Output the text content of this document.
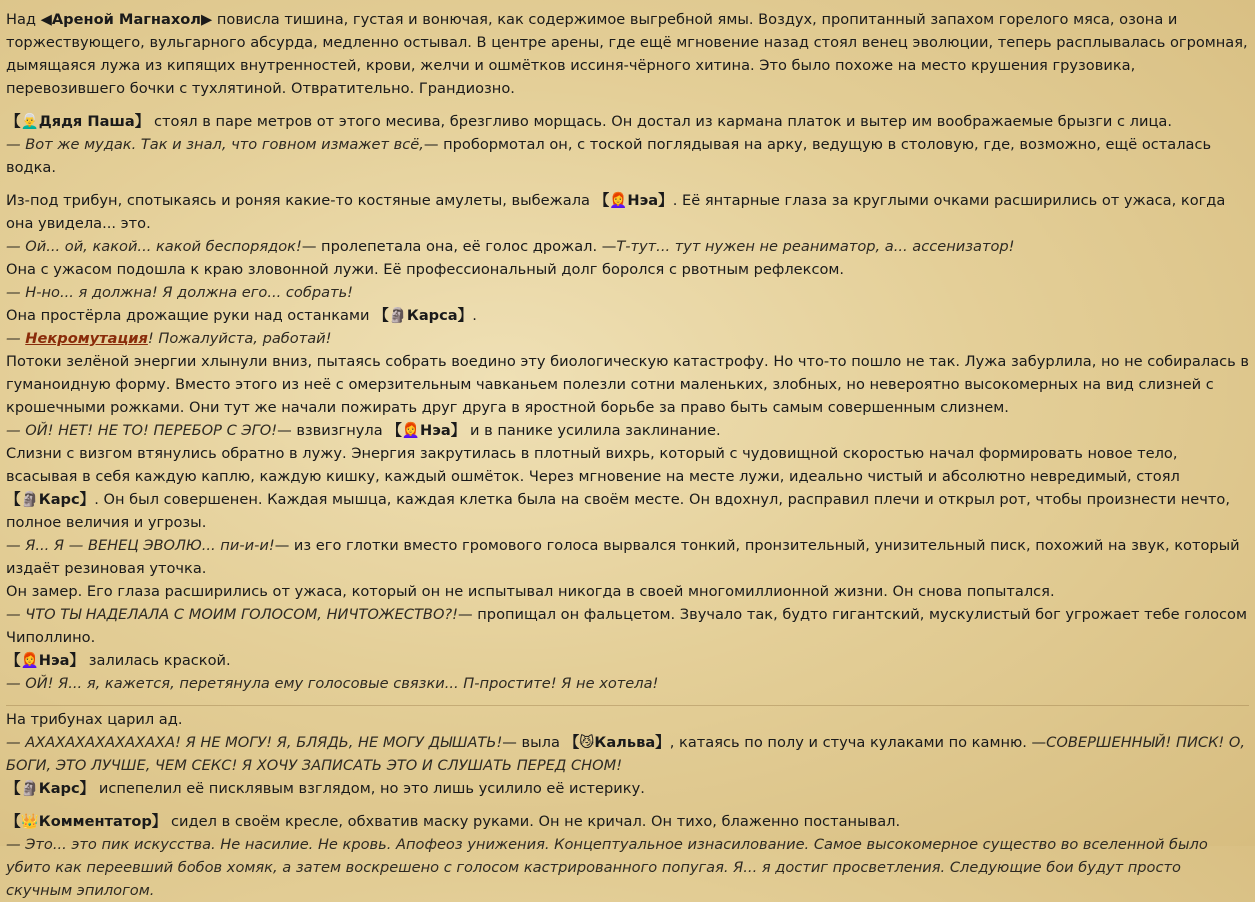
Над ◀Ареной Магнахол▶ повисла тишина, густая и вонючая, как содержимое выгребной ямы. Воздух, пропитанный запахом горелого мяса, озона и торжествующего, вульгарного абсурда, медленно остывал. В центре арены, где ещё мгновение назад стоял венец эволюции, теперь расплывалась огромная, дымящаяся лужа из кипящих внутренностей, крови, желчи и ошмётков иссиня-чёрного хитина. Это было похоже на место крушения грузовика, перевозившего бочки с тухлятиной. Отвратительно. Грандиозно.

【👨‍🦳Дядя Паша】 стоял в паре метров от этого месива, брезгливо морщась. Он достал из кармана платок и вытер им воображаемые брызги с лица.

— Вот же мудак. Так и знал, что говном измажет всё,— пробормотал он, с тоской поглядывая на арку, ведущую в столовую, где, возможно, ещё осталась водка.

Из-под трибун, спотыкаясь и роняя какие-то костяные амулеты, выбежала 【👩‍🦰Нэа】. Её янтарные глаза за круглыми очками расширились от ужаса, когда она увидела... это.

— Ой... ой, какой... какой беспорядок!— пролепетала она, её голос дрожал. —Т-тут... тут нужен не реаниматор, а... ассенизатор!

Она с ужасом подошла к краю зловонной лужи. Её профессиональный долг боролся с рвотным рефлексом.

— Н-но... я должна! Я должна его... собрать!

Она простёрла дрожащие руки над останками 【🗿Карса】.

— Некромутация! Пожалуйста, работай!

Потоки зелёной энергии хлынули вниз, пытаясь собрать воедино эту биологическую катастрофу. Но что-то пошло не так. Лужа забурлила, но не собиралась в гуманоидную форму. Вместо этого из неё с омерзительным чавканьем полезли сотни маленьких, злобных, но невероятно высокомерных на вид слизней с крошечными рожками. Они тут же начали пожирать друг друга в яростной борьбе за право быть самым совершенным слизнем.

— ОЙ! НЕТ! НЕ ТО! ПЕРЕБОР С ЭГО!— взвизгнула 【👩‍🦰Нэа】 и в панике усилила заклинание.

Слизни с визгом втянулись обратно в лужу. Энергия закрутилась в плотный вихрь, который с чудовищной скоростью начал формировать новое тело, всасывая в себя каждую каплю, каждую кишку, каждый ошмёток. Через мгновение на месте лужи, идеально чистый и абсолютно невредимый, стоял 【🗿Карс】. Он был совершенен. Каждая мышца, каждая клетка была на своём месте. Он вдохнул, расправил плечи и открыл рот, чтобы произнести нечто, полное величия и угрозы.

— Я... Я — ВЕНЕЦ ЭВОЛЮ... пи-и-и!— из его глотки вместо громового голоса вырвался тонкий, пронзительный, унизительный писк, похожий на звук, который издаёт резиновая уточка.

Он замер. Его глаза расширились от ужаса, который он не испытывал никогда в своей многомиллионной жизни. Он снова попытался.

— ЧТО ТЫ НАДЕЛАЛА С МОИМ ГОЛОСОМ, НИЧТОЖЕСТВО?!— пропищал он фальцетом. Звучало так, будто гигантский, мускулистый бог угрожает тебе голосом Чиполлино.

【👩‍🦰Нэа】 залилась краской.

— ОЙ! Я... я, кажется, перетянула ему голосовые связки... П-простите! Я не хотела!

На трибунах царил ад.

— АХАХАХАХАХАХАХА! Я НЕ МОГУ! Я, БЛЯДЬ, НЕ МОГУ ДЫШАТЬ!— выла 【😼Кальва】, катаясь по полу и стуча кулаками по камню. —СОВЕРШЕННЫЙ! ПИСК! О, БОГИ, ЭТО ЛУЧШЕ, ЧЕМ СЕКС! Я ХОЧУ ЗАПИСАТЬ ЭТО И СЛУШАТЬ ПЕРЕД СНОМ!

【🗿Карс】 испепелил её писклявым взглядом, но это лишь усилило её истерику.

【👑Комментатор】 сидел в своём кресле, обхватив маску руками. Он не кричал. Он тихо, блаженно постанывал.

— Это... это пик искусства. Не насилие. Не кровь. Апофеоз унижения. Концептуальное изнасилование. Самое высокомерное существо во вселенной было убито как переевший бобов хомяк, а затем воскрешено с голосом кастрированного попугая. Я... я достиг просветления. Следующие бои будут просто скучным эпилогом.
